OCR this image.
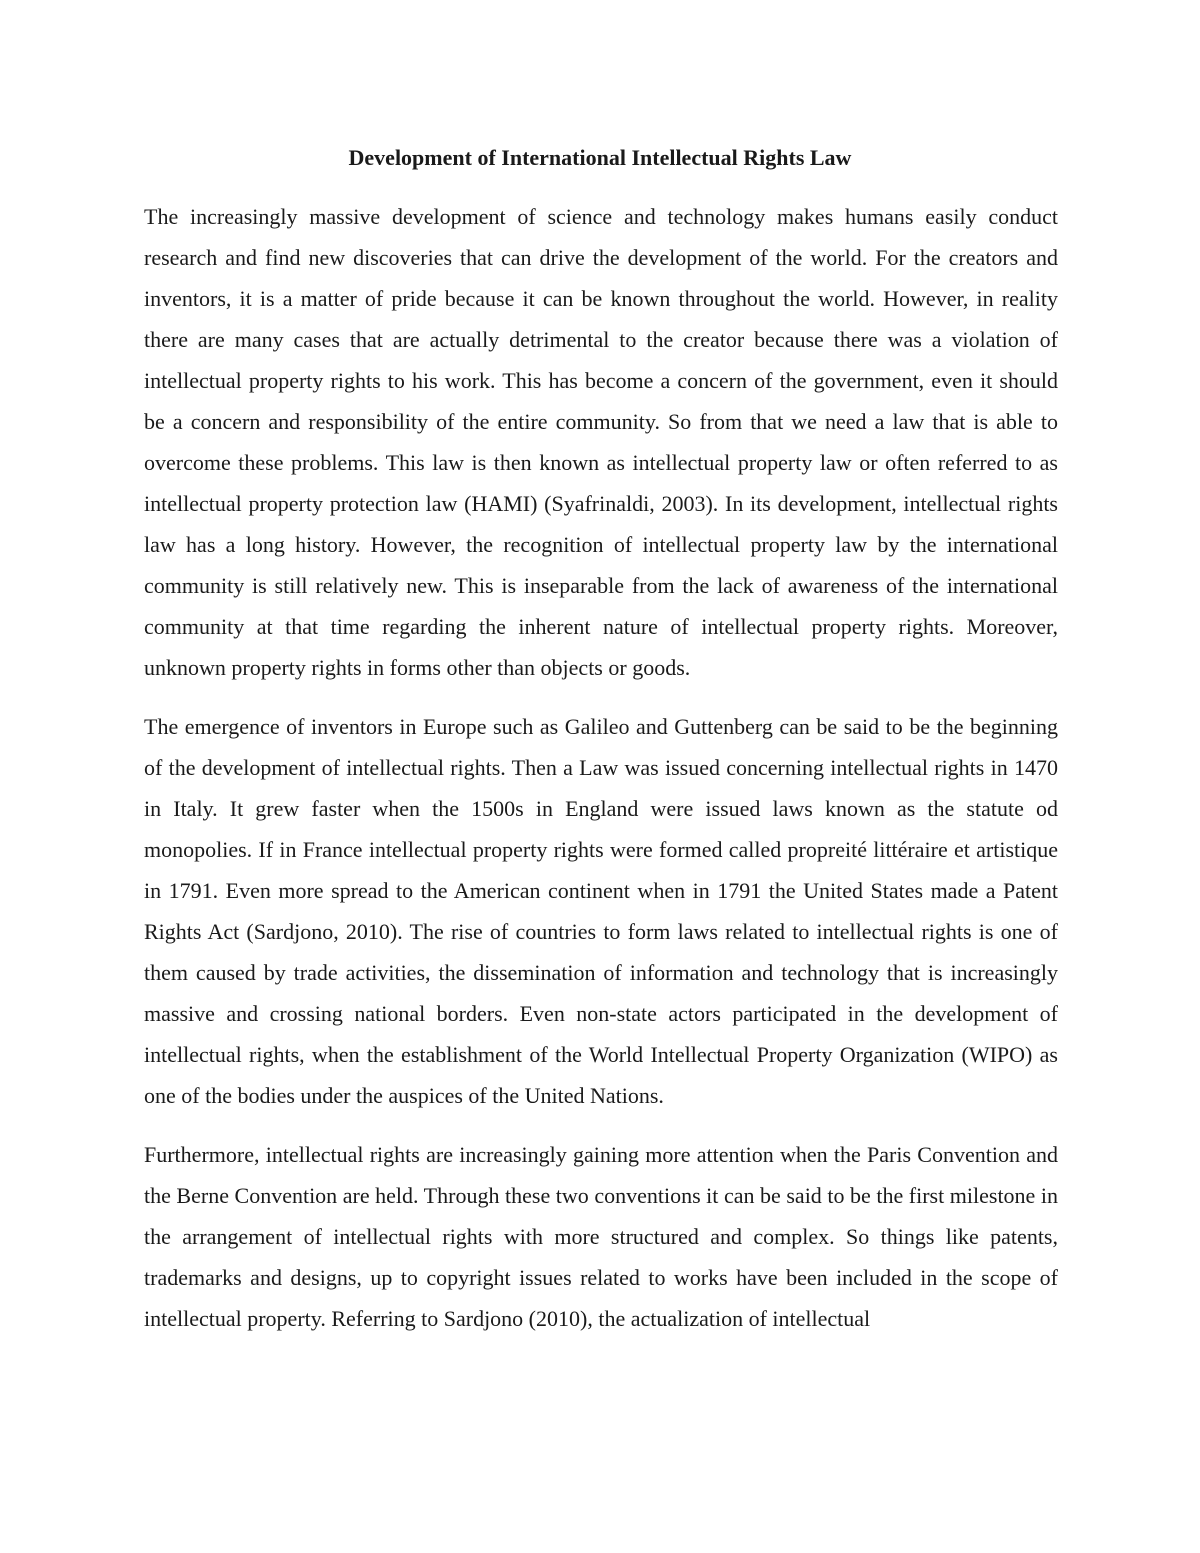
Development of International Intellectual Rights Law

The increasingly massive development of science and technology makes humans easily conduct research and find new discoveries that can drive the development of the world. For the creators and inventors, it is a matter of pride because it can be known throughout the world. However, in reality there are many cases that are actually detrimental to the creator because there was a violation of intellectual property rights to his work. This has become a concern of the government, even it should be a concern and responsibility of the entire community. So from that we need a law that is able to overcome these problems. This law is then known as intellectual property law or often referred to as intellectual property protection law (HAMI) (Syafrinaldi, 2003). In its development, intellectual rights law has a long history. However, the recognition of intellectual property law by the international community is still relatively new. This is inseparable from the lack of awareness of the international community at that time regarding the inherent nature of intellectual property rights. Moreover, unknown property rights in forms other than objects or goods.

The emergence of inventors in Europe such as Galileo and Guttenberg can be said to be the beginning of the development of intellectual rights. Then a Law was issued concerning intellectual rights in 1470 in Italy. It grew faster when the 1500s in England were issued laws known as the statute od monopolies. If in France intellectual property rights were formed called propreité littéraire et artistique in 1791. Even more spread to the American continent when in 1791 the United States made a Patent Rights Act (Sardjono, 2010). The rise of countries to form laws related to intellectual rights is one of them caused by trade activities, the dissemination of information and technology that is increasingly massive and crossing national borders. Even non-state actors participated in the development of intellectual rights, when the establishment of the World Intellectual Property Organization (WIPO) as one of the bodies under the auspices of the United Nations.

Furthermore, intellectual rights are increasingly gaining more attention when the Paris Convention and the Berne Convention are held. Through these two conventions it can be said to be the first milestone in the arrangement of intellectual rights with more structured and complex. So things like patents, trademarks and designs, up to copyright issues related to works have been included in the scope of intellectual property. Referring to Sardjono (2010), the actualization of intellectual
